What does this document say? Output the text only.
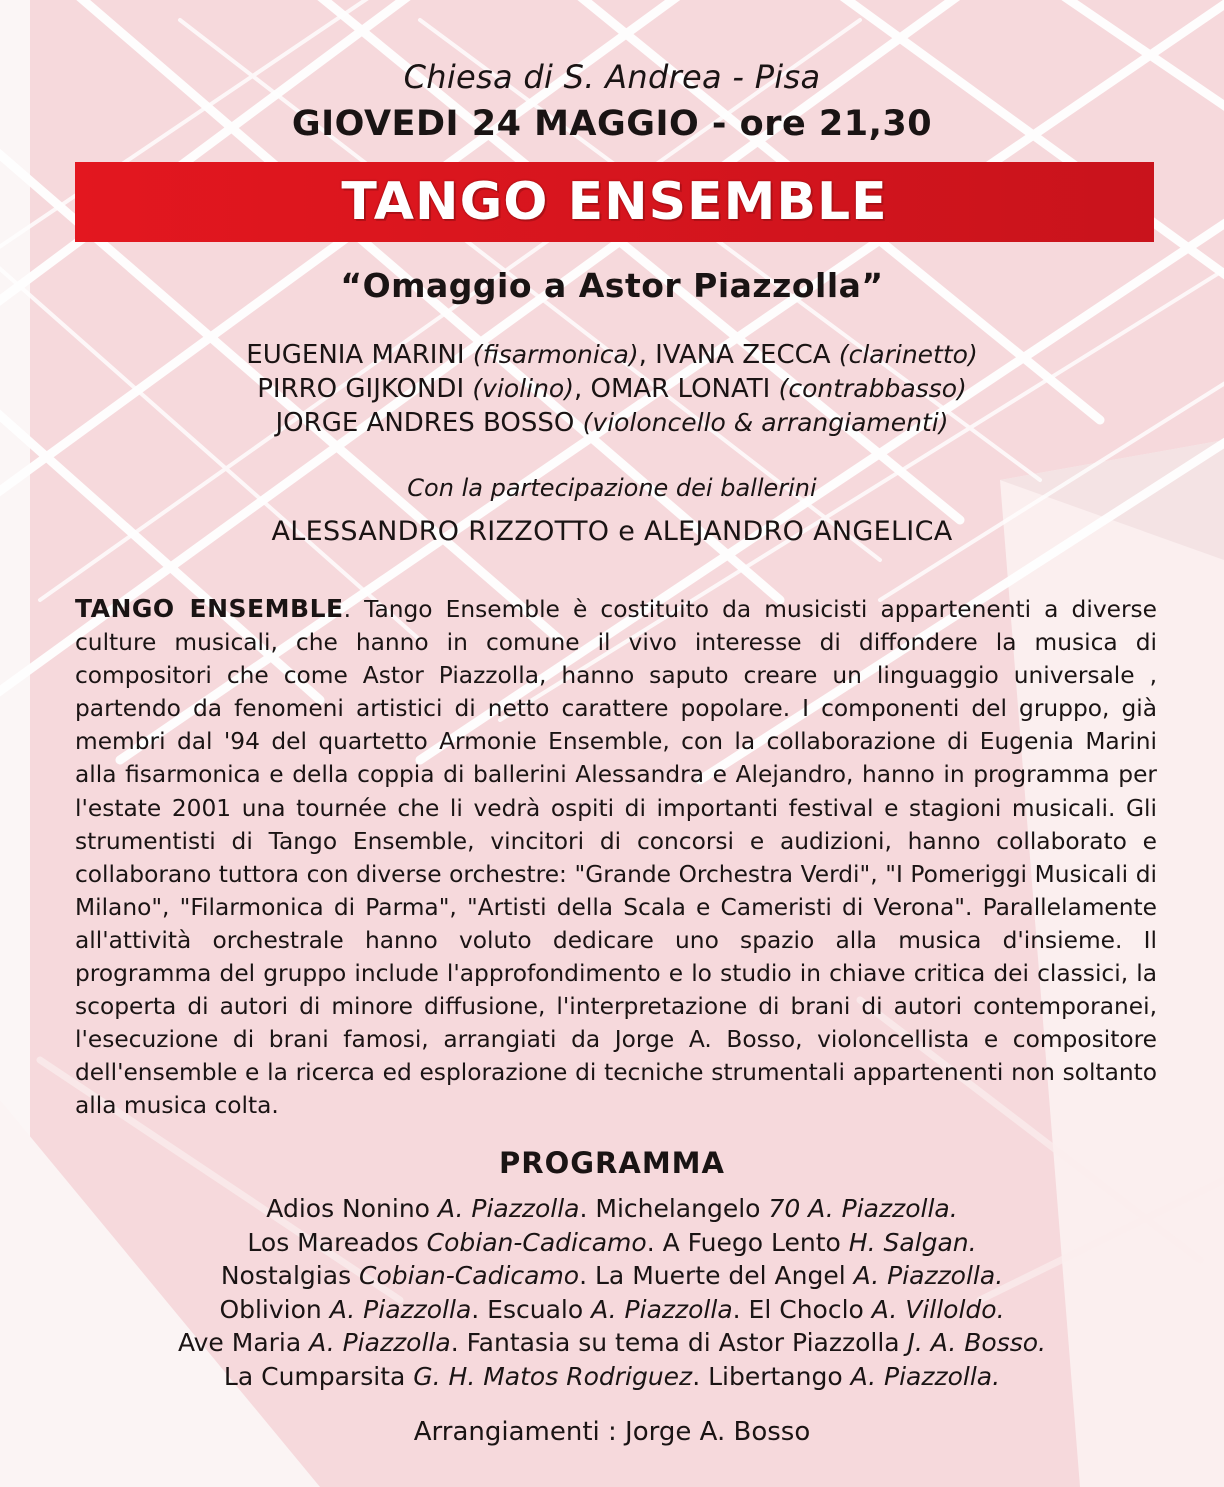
Chiesa di S. Andrea - Pisa
GIOVEDI 24 MAGGIO - ore 21,30
TANGO ENSEMBLE
“Omaggio a Astor Piazzolla”
EUGENIA MARINI (fisarmonica), IVANA ZECCA (clarinetto)
PIRRO GIJKONDI (violino), OMAR LONATI (contrabbasso)
JORGE ANDRES BOSSO (violoncello & arrangiamenti)
Con la partecipazione dei ballerini
ALESSANDRO RIZZOTTO e ALEJANDRO ANGELICA
TANGO ENSEMBLE. Tango Ensemble è costituito da musicisti appartenenti a diverse culture musicali, che hanno in comune il vivo interesse di diffondere la musica di compositori che come Astor Piazzolla, hanno saputo creare un linguaggio universale , partendo da fenomeni artistici di netto carattere popolare. I componenti del gruppo, già membri dal '94 del quartetto Armonie Ensemble, con la collaborazione di Eugenia Marini alla fisarmonica e della coppia di ballerini Alessandra e Alejandro, hanno in programma per l'estate 2001 una tournée che li vedrà ospiti di importanti festival e stagioni musicali. Gli strumentisti di Tango Ensemble, vincitori di concorsi e audizioni, hanno collaborato e collaborano tuttora con diverse orchestre: "Grande Orchestra Verdi", "I Pomeriggi Musicali di Milano", "Filarmonica di Parma", "Artisti della Scala e Cameristi di Verona". Parallelamente all'attività orchestrale hanno voluto dedicare uno spazio alla musica d'insieme. Il programma del gruppo include l'approfondimento e lo studio in chiave critica dei classici, la scoperta di autori di minore diffusione, l'interpretazione di brani di autori contemporanei, l'esecuzione di brani famosi, arrangiati da Jorge A. Bosso, violoncellista e compositore dell'ensemble e la ricerca ed esplorazione di tecniche strumentali appartenenti non soltanto alla musica colta.
PROGRAMMA
Adios Nonino A. Piazzolla. Michelangelo 70 A. Piazzolla.
Los Mareados Cobian-Cadicamo. A Fuego Lento H. Salgan.
Nostalgias Cobian-Cadicamo. La Muerte del Angel A. Piazzolla.
Oblivion A. Piazzolla. Escualo A. Piazzolla. El Choclo A. Villoldo.
Ave Maria A. Piazzolla. Fantasia su tema di Astor Piazzolla J. A. Bosso.
La Cumparsita G. H. Matos Rodriguez. Libertango A. Piazzolla.
Arrangiamenti : Jorge A. Bosso
